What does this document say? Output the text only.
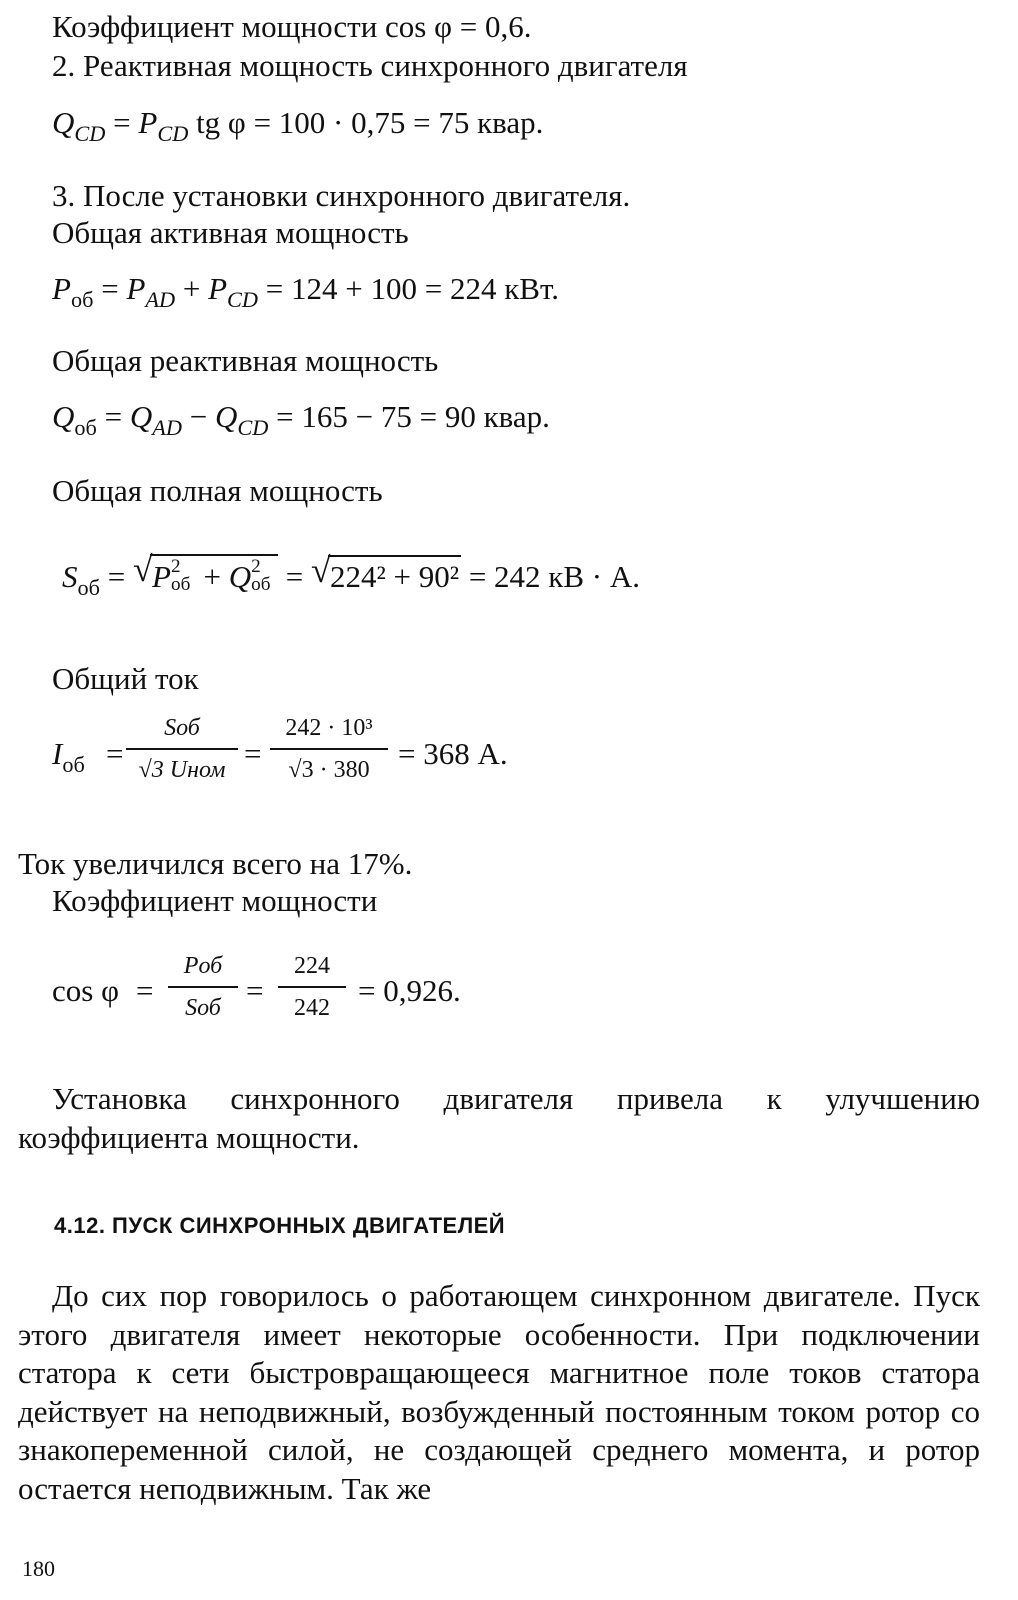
Коэффициент мощности cos φ = 0,6.
2. Реактивная мощность синхронного двигателя
$Q_{CD} = P_{CD}$ tg φ = 100 · 0,75 = 75 квар.
3. После установки синхронного двигателя.
Общая активная мощность
$P_{об} = P_{AD} + P_{CD} = 124 + 100 = 224$ кВт.
Общая реактивная мощность
$Q_{об} = Q_{AD} - Q_{CD} = 165 - 75 = 90$ квар.
Общая полная мощность
$S_{об}$ = √ P 2
об + Q 2
об = √ 224² + 90² = 242 кВ · А.
Общий ток
$I_{об}$ =
Sоб
√3 Uном =
242 · 10³
√3 · 380 = 368 А.
Ток увеличился всего на 17%.
Коэффициент мощности
cos φ =
Pоб
Sоб =
224
242 = 0,926.
Установка синхронного двигателя привела к улучшению коэффициента мощности.
4.12. ПУСК СИНХРОННЫХ ДВИГАТЕЛЕЙ
До сих пор говорилось о работающем синхронном двигателе. Пуск этого двигателя имеет некоторые особенности. При подключении статора к сети быстровращающееся магнитное поле токов статора действует на неподвижный, возбужденный постоянным током ротор со знакопеременной силой, не создающей среднего момента, и ротор остается неподвижным. Так же
180
